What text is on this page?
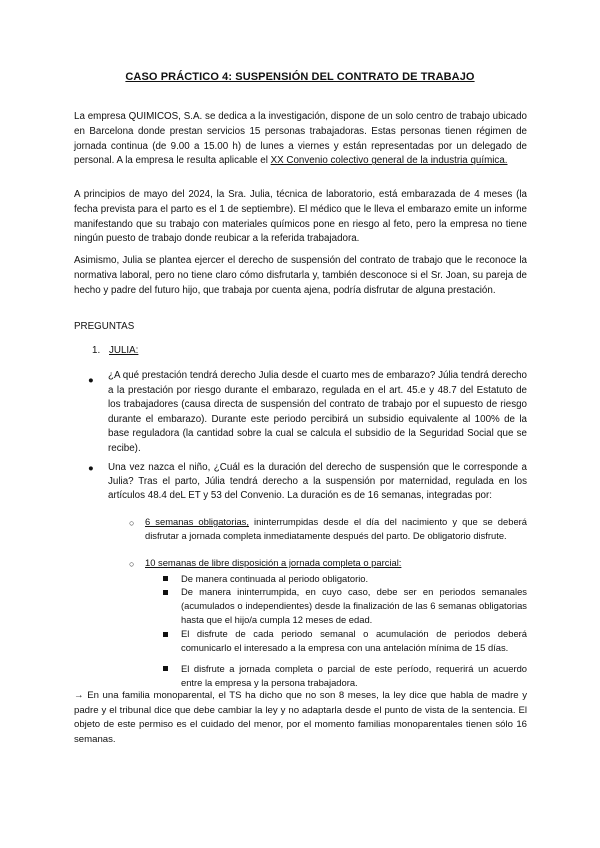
CASO PRÁCTICO 4: SUSPENSIÓN DEL CONTRATO DE TRABAJO

La empresa QUIMICOS, S.A. se dedica a la investigación, dispone de un solo centro de trabajo ubicado en Barcelona donde prestan servicios 15 personas trabajadoras. Estas personas tienen régimen de jornada continua (de 9.00 a 15.00 h) de lunes a viernes y están representadas por un delegado de personal. A la empresa le resulta aplicable el XX Convenio colectivo general de la industria química.

A principios de mayo del 2024, la Sra. Julia, técnica de laboratorio, está embarazada de 4 meses (la fecha prevista para el parto es el 1 de septiembre). El médico que le lleva el embarazo emite un informe manifestando que su trabajo con materiales químicos pone en riesgo al feto, pero la empresa no tiene ningún puesto de trabajo donde reubicar a la referida trabajadora.

Asimismo, Julia se plantea ejercer el derecho de suspensión del contrato de trabajo que le reconoce la normativa laboral, pero no tiene claro cómo disfrutarla y, también desconoce si el Sr. Joan, su pareja de hecho y padre del futuro hijo, que trabaja por cuenta ajena, podría disfrutar de alguna prestación.

PREGUNTAS
1. JULIA:
● ¿A qué prestación tendrá derecho Julia desde el cuarto mes de embarazo? Júlia tendrá derecho a la prestación por riesgo durante el embarazo, regulada en el art. 45.e y 48.7 del Estatuto de los trabajadores (causa directa de suspensión del contrato de trabajo por el supuesto de riesgo durante el embarazo). Durante este periodo percibirá un subsidio equivalente al 100% de la base reguladora (la cantidad sobre la cual se calcula el subsidio de la Seguridad Social que se recibe).

● Una vez nazca el niño, ¿Cuál es la duración del derecho de suspensión que le corresponde a Julia? Tras el parto, Júlia tendrá derecho a la suspensión por maternidad, regulada en los artículos 48.4 deL ET y 53 del Convenio. La duración es de 16 semanas, integradas por:

○ 6 semanas obligatorias, ininterrumpidas desde el día del nacimiento y que se deberá disfrutar a jornada completa inmediatamente después del parto. De obligatorio disfrute.

○ 10 semanas de libre disposición a jornada completa o parcial:

De manera continuada al periodo obligatorio.

De manera ininterrumpida, en cuyo caso, debe ser en periodos semanales (acumulados o independientes) desde la finalización de las 6 semanas obligatorias hasta que el hijo/a cumpla 12 meses de edad.

El disfrute de cada periodo semanal o acumulación de periodos deberá comunicarlo el interesado a la empresa con una antelación mínima de 15 días.

El disfrute a jornada completa o parcial de este período, requerirá un acuerdo entre la empresa y la persona trabajadora.

→ En una familia monoparental, el TS ha dicho que no son 8 meses, la ley dice que habla de madre y padre y el tribunal dice que debe cambiar la ley y no adaptarla desde el punto de vista de la sentencia. El objeto de este permiso es el cuidado del menor, por el momento familias monoparentales tienen sólo 16 semanas.
